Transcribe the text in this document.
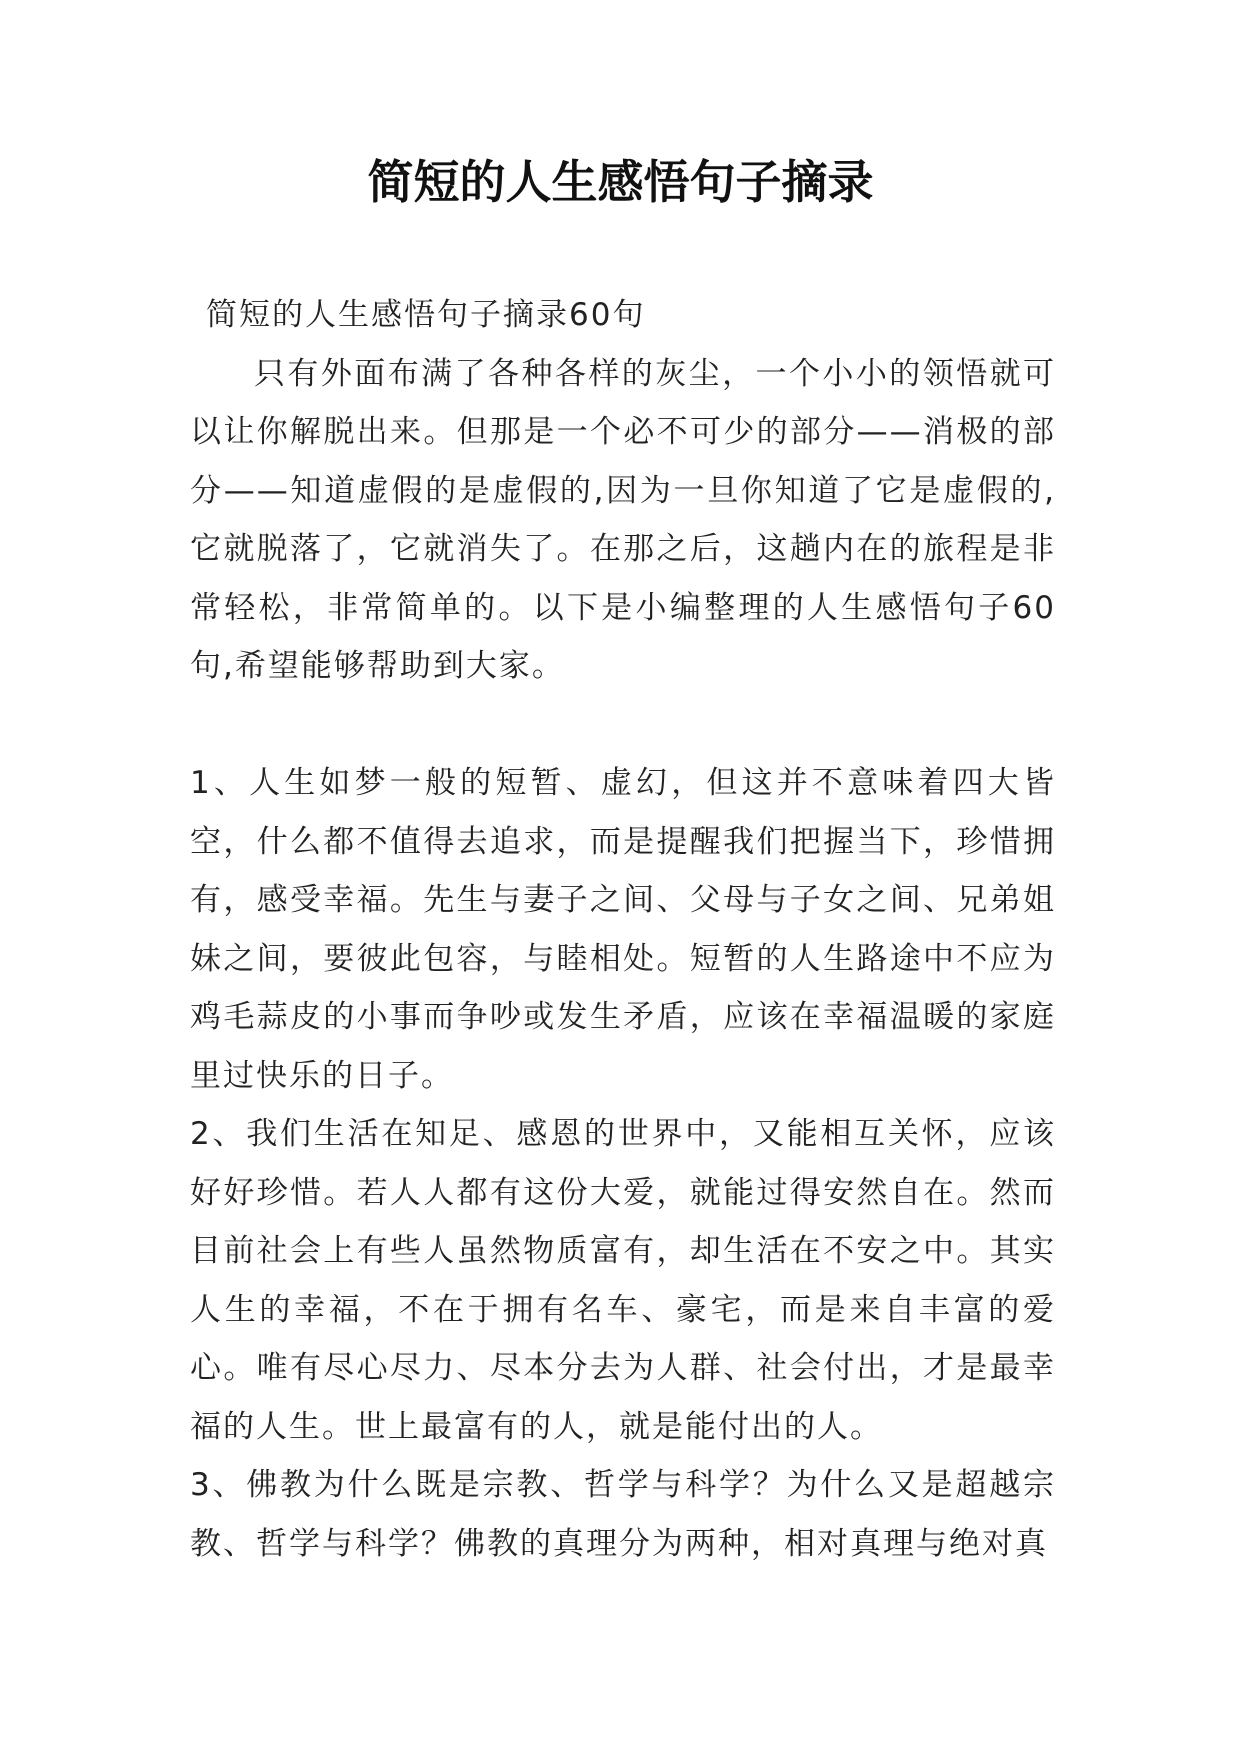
简短的人生感悟句子摘录

简短的人生感悟句子摘录60句

只有外面布满了各种各样的灰尘，一个小小的领悟就可以让你解脱出来。但那是一个必不可少的部分——消极的部分——知道虚假的是虚假的,因为一旦你知道了它是虚假的,它就脱落了，它就消失了。在那之后，这趟内在的旅程是非常轻松，非常简单的。以下是小编整理的人生感悟句子60句,希望能够帮助到大家。

1、人生如梦一般的短暂、虚幻，但这并不意味着四大皆空，什么都不值得去追求，而是提醒我们把握当下，珍惜拥有，感受幸福。先生与妻子之间、父母与子女之间、兄弟姐妹之间，要彼此包容，与睦相处。短暂的人生路途中不应为鸡毛蒜皮的小事而争吵或发生矛盾，应该在幸福温暖的家庭里过快乐的日子。

2、我们生活在知足、感恩的世界中，又能相互关怀，应该好好珍惜。若人人都有这份大爱，就能过得安然自在。然而目前社会上有些人虽然物质富有，却生活在不安之中。其实人生的幸福，不在于拥有名车、豪宅，而是来自丰富的爱心。唯有尽心尽力、尽本分去为人群、社会付出，才是最幸福的人生。世上最富有的人，就是能付出的人。

3、佛教为什么既是宗教、哲学与科学？为什么又是超越宗教、哲学与科学？佛教的真理分为两种，相对真理与绝对真
